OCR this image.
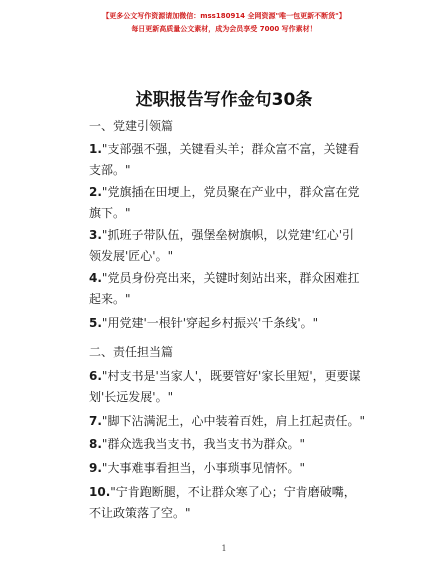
【更多公文写作资源请加微信：mss180914 全网资源"唯一包更新不断货"】
每日更新高质量公文素材，成为会员享受 7000 写作素材！
述职报告写作金句30条
一、党建引领篇
1."支部强不强，关键看头羊；群众富不富，关键看支部。"
2."党旗插在田埂上，党员聚在产业中，群众富在党旗下。"
3."抓班子带队伍，强堡垒树旗帜，以党建'红心'引领发展'匠心'。"
4."党员身份亮出来，关键时刻站出来，群众困难扛起来。"
5."用党建'一根针'穿起乡村振兴'千条线'。"
二、责任担当篇
6."村支书是'当家人'，既要管好'家长里短'，更要谋划'长远发展'。"
7."脚下沾满泥土，心中装着百姓，肩上扛起责任。"
8."群众选我当支书，我当支书为群众。"
9."大事难事看担当，小事琐事见情怀。"
10."宁肯跑断腿，不让群众寒了心；宁肯磨破嘴，不让政策落了空。"
1
